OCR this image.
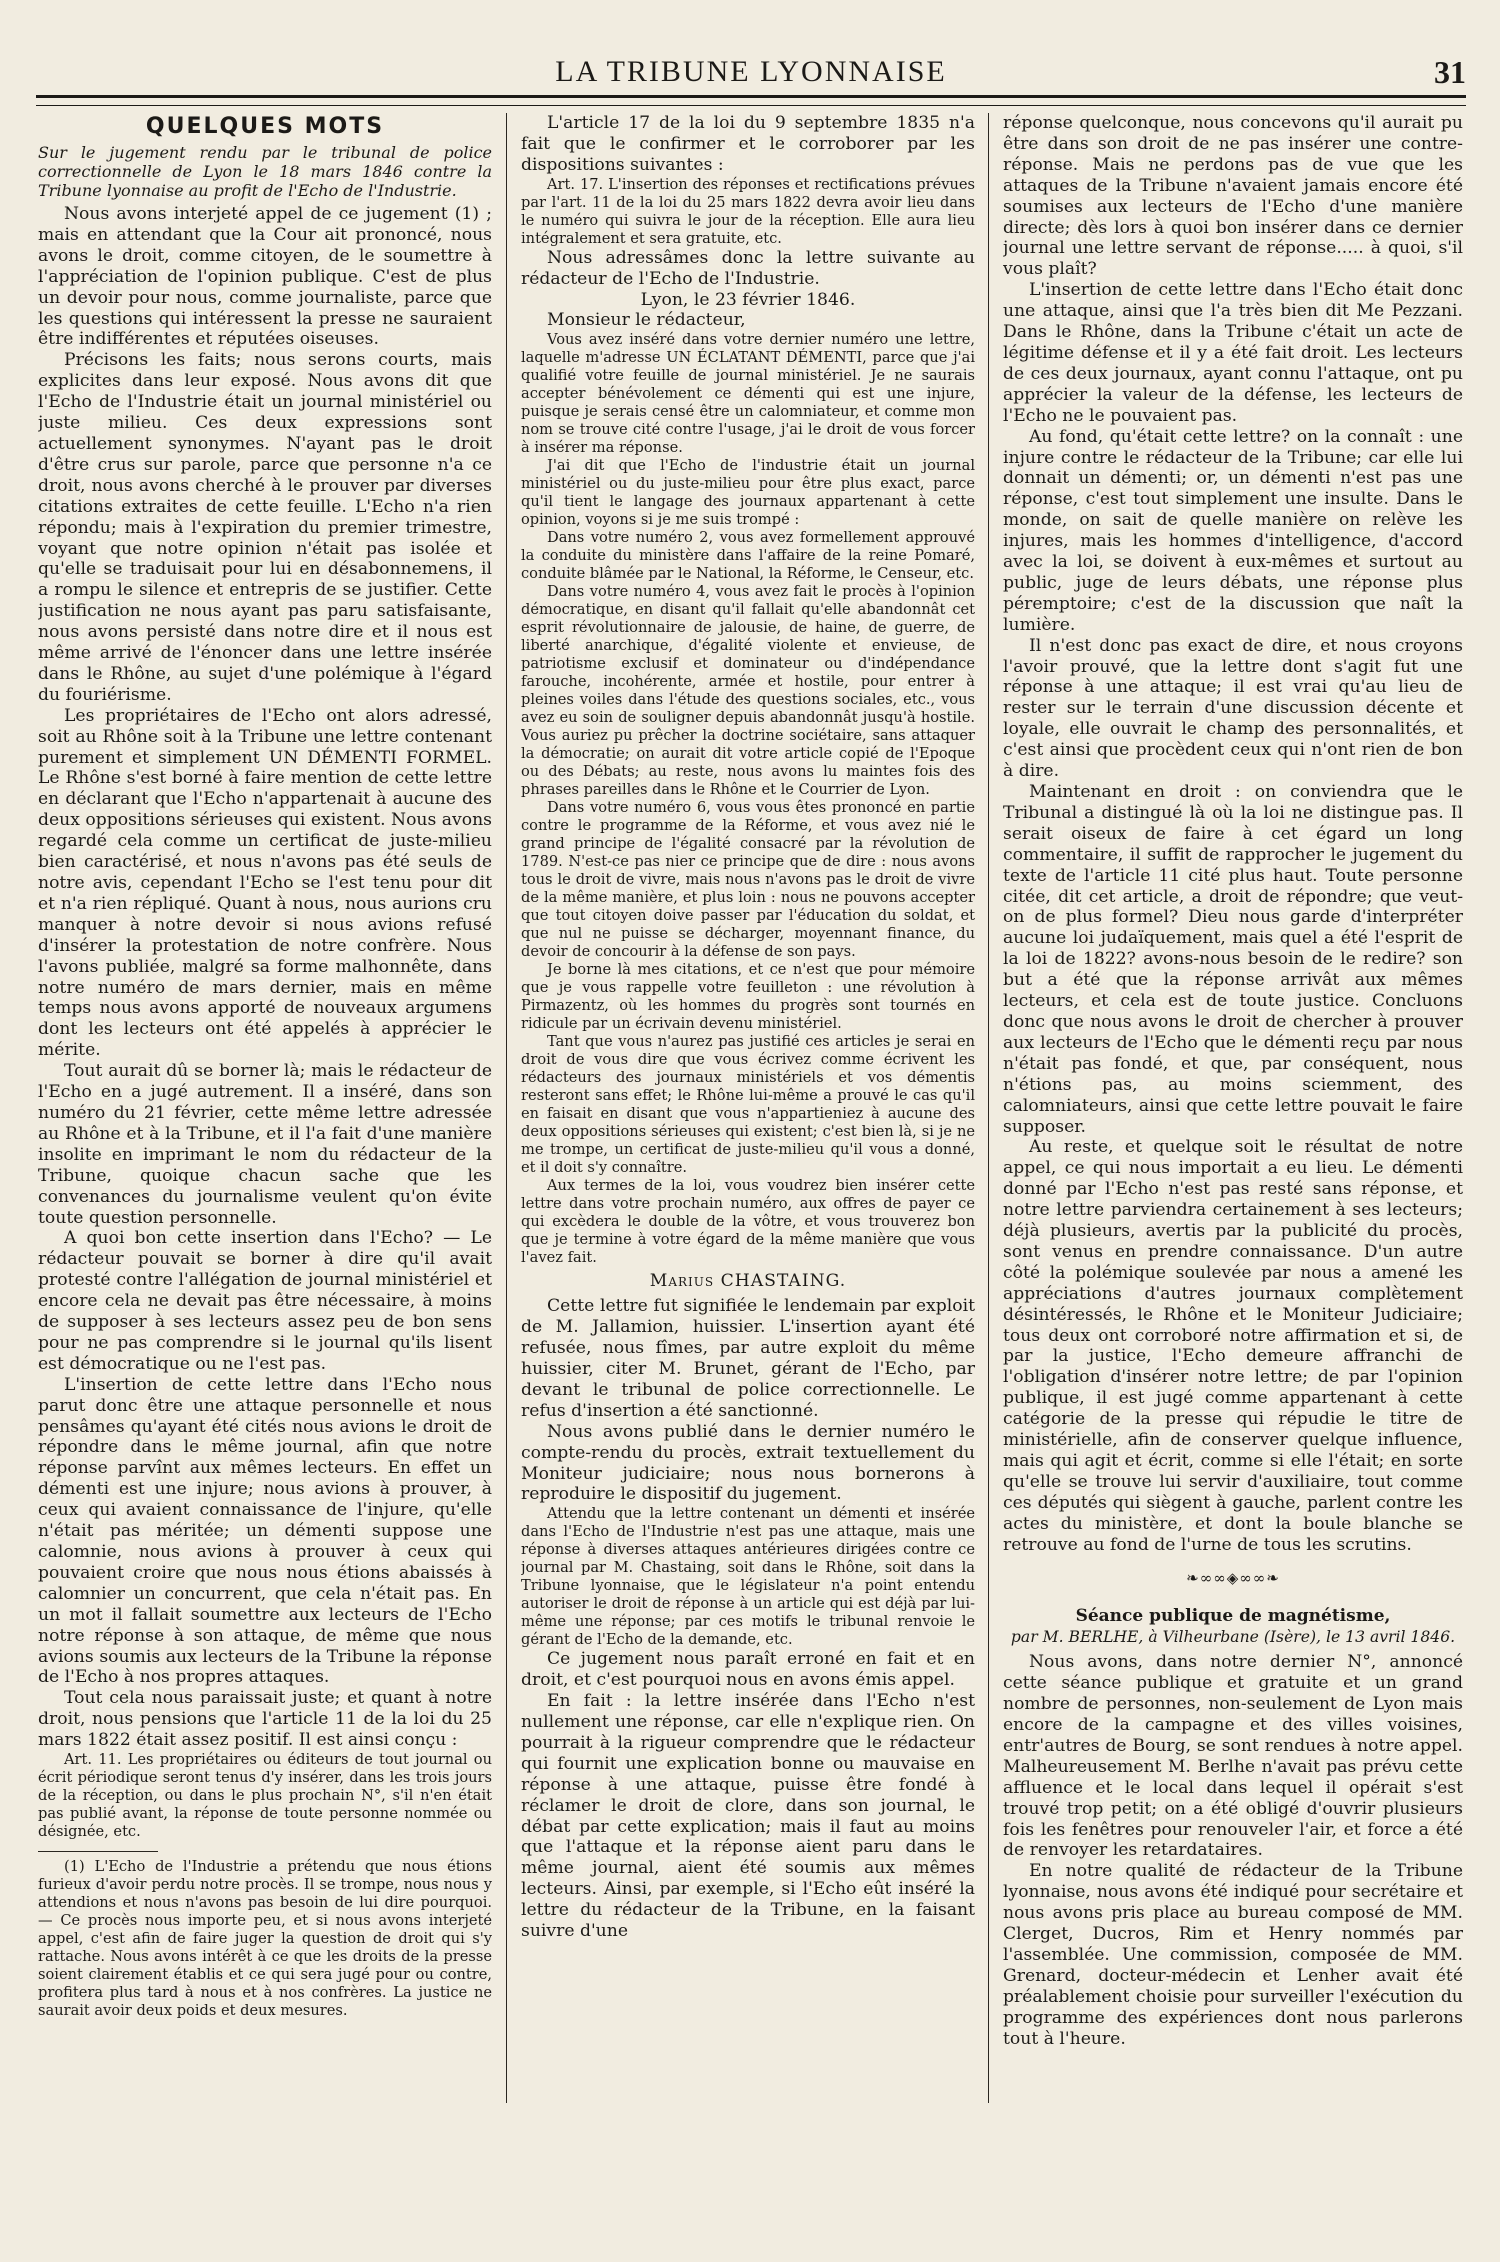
LA TRIBUNE LYONNAISE	31

QUELQUES MOTS

Sur le jugement rendu par le tribunal de police correctionnelle de Lyon le 18 mars 1846 contre la Tribune lyonnaise au profit de l'Echo de l'Industrie.

Nous avons interjeté appel de ce jugement (1) ; mais en attendant que la Cour ait prononcé, nous avons le droit, comme citoyen, de le soumettre à l'appréciation de l'opinion publique. C'est de plus un devoir pour nous, comme journaliste, parce que les questions qui intéressent la presse ne sauraient être indifférentes et réputées oiseuses.

Précisons les faits; nous serons courts, mais explicites dans leur exposé. Nous avons dit que l'Echo de l'Industrie était un journal ministériel ou juste milieu. Ces deux expressions sont actuellement synonymes. N'ayant pas le droit d'être crus sur parole, parce que personne n'a ce droit, nous avons cherché à le prouver par diverses citations extraites de cette feuille. L'Echo n'a rien répondu; mais à l'expiration du premier trimestre, voyant que notre opinion n'était pas isolée et qu'elle se traduisait pour lui en désabonnemens, il a rompu le silence et entrepris de se justifier. Cette justification ne nous ayant pas paru satisfaisante, nous avons persisté dans notre dire et il nous est même arrivé de l'énoncer dans une lettre insérée dans le Rhône, au sujet d'une polémique à l'égard du fouriérisme.

Les propriétaires de l'Echo ont alors adressé, soit au Rhône soit à la Tribune une lettre contenant purement et simplement UN DÉMENTI FORMEL. Le Rhône s'est borné à faire mention de cette lettre en déclarant que l'Echo n'appartenait à aucune des deux oppositions sérieuses qui existent. Nous avons regardé cela comme un certificat de juste-milieu bien caractérisé, et nous n'avons pas été seuls de notre avis, cependant l'Echo se l'est tenu pour dit et n'a rien répliqué. Quant à nous, nous aurions cru manquer à notre devoir si nous avions refusé d'insérer la protestation de notre confrère. Nous l'avons publiée, malgré sa forme malhonnête, dans notre numéro de mars dernier, mais en même temps nous avons apporté de nouveaux argumens dont les lecteurs ont été appelés à apprécier le mérite.

Tout aurait dû se borner là; mais le rédacteur de l'Echo en a jugé autrement. Il a inséré, dans son numéro du 21 février, cette même lettre adressée au Rhône et à la Tribune, et il l'a fait d'une manière insolite en imprimant le nom du rédacteur de la Tribune, quoique chacun sache que les convenances du journalisme veulent qu'on évite toute question personnelle.

A quoi bon cette insertion dans l'Echo? — Le rédacteur pouvait se borner à dire qu'il avait protesté contre l'allégation de journal ministériel et encore cela ne devait pas être nécessaire, à moins de supposer à ses lecteurs assez peu de bon sens pour ne pas comprendre si le journal qu'ils lisent est démocratique ou ne l'est pas.

L'insertion de cette lettre dans l'Echo nous parut donc être une attaque personnelle et nous pensâmes qu'ayant été cités nous avions le droit de répondre dans le même journal, afin que notre réponse parvînt aux mêmes lecteurs. En effet un démenti est une injure; nous avions à prouver, à ceux qui avaient connaissance de l'injure, qu'elle n'était pas méritée; un démenti suppose une calomnie, nous avions à prouver à ceux qui pouvaient croire que nous nous étions abaissés à calomnier un concurrent, que cela n'était pas. En un mot il fallait soumettre aux lecteurs de l'Echo notre réponse à son attaque, de même que nous avions soumis aux lecteurs de la Tribune la réponse de l'Echo à nos propres attaques.

Tout cela nous paraissait juste; et quant à notre droit, nous pensions que l'article 11 de la loi du 25 mars 1822 était assez positif. Il est ainsi conçu :

Art. 11. Les propriétaires ou éditeurs de tout journal ou écrit périodique seront tenus d'y insérer, dans les trois jours de la réception, ou dans le plus prochain N°, s'il n'en était pas publié avant, la réponse de toute personne nommée ou désignée, etc.

(1) L'Echo de l'Industrie a prétendu que nous étions furieux d'avoir perdu notre procès. Il se trompe, nous nous y attendions et nous n'avons pas besoin de lui dire pourquoi. — Ce procès nous importe peu, et si nous avons interjeté appel, c'est afin de faire juger la question de droit qui s'y rattache. Nous avons intérêt à ce que les droits de la presse soient clairement établis et ce qui sera jugé pour ou contre, profitera plus tard à nous et à nos confrères. La justice ne saurait avoir deux poids et deux mesures.

L'article 17 de la loi du 9 septembre 1835 n'a fait que le confirmer et le corroborer par les dispositions suivantes :

Art. 17. L'insertion des réponses et rectifications prévues par l'art. 11 de la loi du 25 mars 1822 devra avoir lieu dans le numéro qui suivra le jour de la réception. Elle aura lieu intégralement et sera gratuite, etc.

Nous adressâmes donc la lettre suivante au rédacteur de l'Echo de l'Industrie.

Lyon, le 23 février 1846.

Monsieur le rédacteur,

Vous avez inséré dans votre dernier numéro une lettre, laquelle m'adresse UN ÉCLATANT DÉMENTI, parce que j'ai qualifié votre feuille de journal ministériel. Je ne saurais accepter bénévolement ce démenti qui est une injure, puisque je serais censé être un calomniateur, et comme mon nom se trouve cité contre l'usage, j'ai le droit de vous forcer à insérer ma réponse.

J'ai dit que l'Echo de l'industrie était un journal ministériel ou du juste-milieu pour être plus exact, parce qu'il tient le langage des journaux appartenant à cette opinion, voyons si je me suis trompé :

Dans votre numéro 2, vous avez formellement approuvé la conduite du ministère dans l'affaire de la reine Pomaré, conduite blâmée par le National, la Réforme, le Censeur, etc.

Dans votre numéro 4, vous avez fait le procès à l'opinion démocratique, en disant qu'il fallait qu'elle abandonnât cet esprit révolutionnaire de jalousie, de haine, de guerre, de liberté anarchique, d'égalité violente et envieuse, de patriotisme exclusif et dominateur ou d'indépendance farouche, incohérente, armée et hostile, pour entrer à pleines voiles dans l'étude des questions sociales, etc., vous avez eu soin de souligner depuis abandonnât jusqu'à hostile. Vous auriez pu prêcher la doctrine sociétaire, sans attaquer la démocratie; on aurait dit votre article copié de l'Epoque ou des Débats; au reste, nous avons lu maintes fois des phrases pareilles dans le Rhône et le Courrier de Lyon.

Dans votre numéro 6, vous vous êtes prononcé en partie contre le programme de la Réforme, et vous avez nié le grand principe de l'égalité consacré par la révolution de 1789. N'est-ce pas nier ce principe que de dire : nous avons tous le droit de vivre, mais nous n'avons pas le droit de vivre de la même manière, et plus loin : nous ne pouvons accepter que tout citoyen doive passer par l'éducation du soldat, et que nul ne puisse se décharger, moyennant finance, du devoir de concourir à la défense de son pays.

Je borne là mes citations, et ce n'est que pour mémoire que je vous rappelle votre feuilleton : une révolution à Pirmazentz, où les hommes du progrès sont tournés en ridicule par un écrivain devenu ministériel.

Tant que vous n'aurez pas justifié ces articles je serai en droit de vous dire que vous écrivez comme écrivent les rédacteurs des journaux ministériels et vos démentis resteront sans effet; le Rhône lui-même a prouvé le cas qu'il en faisait en disant que vous n'appartieniez à aucune des deux oppositions sérieuses qui existent; c'est bien là, si je ne me trompe, un certificat de juste-milieu qu'il vous a donné, et il doit s'y connaître.

Aux termes de la loi, vous voudrez bien insérer cette lettre dans votre prochain numéro, aux offres de payer ce qui excèdera le double de la vôtre, et vous trouverez bon que je termine à votre égard de la même manière que vous l'avez fait.

Marius CHASTAING.

Cette lettre fut signifiée le lendemain par exploit de M. Jallamion, huissier. L'insertion ayant été refusée, nous fîmes, par autre exploit du même huissier, citer M. Brunet, gérant de l'Echo, par devant le tribunal de police correctionnelle. Le refus d'insertion a été sanctionné.

Nous avons publié dans le dernier numéro le compte-rendu du procès, extrait textuellement du Moniteur judiciaire; nous nous bornerons à reproduire le dispositif du jugement.

Attendu que la lettre contenant un démenti et insérée dans l'Echo de l'Industrie n'est pas une attaque, mais une réponse à diverses attaques antérieures dirigées contre ce journal par M. Chastaing, soit dans le Rhône, soit dans la Tribune lyonnaise, que le législateur n'a point entendu autoriser le droit de réponse à un article qui est déjà par lui-même une réponse; par ces motifs le tribunal renvoie le gérant de l'Echo de la demande, etc.

Ce jugement nous paraît erroné en fait et en droit, et c'est pourquoi nous en avons émis appel.

En fait : la lettre insérée dans l'Echo n'est nullement une réponse, car elle n'explique rien. On pourrait à la rigueur comprendre que le rédacteur qui fournit une explication bonne ou mauvaise en réponse à une attaque, puisse être fondé à réclamer le droit de clore, dans son journal, le débat par cette explication; mais il faut au moins que l'attaque et la réponse aient paru dans le même journal, aient été soumis aux mêmes lecteurs. Ainsi, par exemple, si l'Echo eût inséré la lettre du rédacteur de la Tribune, en la faisant suivre d'une

réponse quelconque, nous concevons qu'il aurait pu être dans son droit de ne pas insérer une contre-réponse. Mais ne perdons pas de vue que les attaques de la Tribune n'avaient jamais encore été soumises aux lecteurs de l'Echo d'une manière directe; dès lors à quoi bon insérer dans ce dernier journal une lettre servant de réponse..... à quoi, s'il vous plaît?

L'insertion de cette lettre dans l'Echo était donc une attaque, ainsi que l'a très bien dit Me Pezzani. Dans le Rhône, dans la Tribune c'était un acte de légitime défense et il y a été fait droit. Les lecteurs de ces deux journaux, ayant connu l'attaque, ont pu apprécier la valeur de la défense, les lecteurs de l'Echo ne le pouvaient pas.

Au fond, qu'était cette lettre? on la connaît : une injure contre le rédacteur de la Tribune; car elle lui donnait un démenti; or, un démenti n'est pas une réponse, c'est tout simplement une insulte. Dans le monde, on sait de quelle manière on relève les injures, mais les hommes d'intelligence, d'accord avec la loi, se doivent à eux-mêmes et surtout au public, juge de leurs débats, une réponse plus péremptoire; c'est de la discussion que naît la lumière.

Il n'est donc pas exact de dire, et nous croyons l'avoir prouvé, que la lettre dont s'agit fut une réponse à une attaque; il est vrai qu'au lieu de rester sur le terrain d'une discussion décente et loyale, elle ouvrait le champ des personnalités, et c'est ainsi que procèdent ceux qui n'ont rien de bon à dire.

Maintenant en droit : on conviendra que le Tribunal a distingué là où la loi ne distingue pas. Il serait oiseux de faire à cet égard un long commentaire, il suffit de rapprocher le jugement du texte de l'article 11 cité plus haut. Toute personne citée, dit cet article, a droit de répondre; que veut-on de plus formel? Dieu nous garde d'interpréter aucune loi judaïquement, mais quel a été l'esprit de la loi de 1822? avons-nous besoin de le redire? son but a été que la réponse arrivât aux mêmes lecteurs, et cela est de toute justice. Concluons donc que nous avons le droit de chercher à prouver aux lecteurs de l'Echo que le démenti reçu par nous n'était pas fondé, et que, par conséquent, nous n'étions pas, au moins sciemment, des calomniateurs, ainsi que cette lettre pouvait le faire supposer.

Au reste, et quelque soit le résultat de notre appel, ce qui nous importait a eu lieu. Le démenti donné par l'Echo n'est pas resté sans réponse, et notre lettre parviendra certainement à ses lecteurs; déjà plusieurs, avertis par la publicité du procès, sont venus en prendre connaissance. D'un autre côté la polémique soulevée par nous a amené les appréciations d'autres journaux complètement désintéressés, le Rhône et le Moniteur Judiciaire; tous deux ont corroboré notre affirmation et si, de par la justice, l'Echo demeure affranchi de l'obligation d'insérer notre lettre; de par l'opinion publique, il est jugé comme appartenant à cette catégorie de la presse qui répudie le titre de ministérielle, afin de conserver quelque influence, mais qui agit et écrit, comme si elle l'était; en sorte qu'elle se trouve lui servir d'auxiliaire, tout comme ces députés qui siègent à gauche, parlent contre les actes du ministère, et dont la boule blanche se retrouve au fond de l'urne de tous les scrutins.

❧∞∞◈∞∞❧

Séance publique de magnétisme,

par M. BERLHE, à Vilheurbane (Isère), le 13 avril 1846.

Nous avons, dans notre dernier N°, annoncé cette séance publique et gratuite et un grand nombre de personnes, non-seulement de Lyon mais encore de la campagne et des villes voisines, entr'autres de Bourg, se sont rendues à notre appel. Malheureusement M. Berlhe n'avait pas prévu cette affluence et le local dans lequel il opérait s'est trouvé trop petit; on a été obligé d'ouvrir plusieurs fois les fenêtres pour renouveler l'air, et force a été de renvoyer les retardataires.

En notre qualité de rédacteur de la Tribune lyonnaise, nous avons été indiqué pour secrétaire et nous avons pris place au bureau composé de MM. Clerget, Ducros, Rim et Henry nommés par l'assemblée. Une commission, composée de MM. Grenard, docteur-médecin et Lenher avait été préalablement choisie pour surveiller l'exécution du programme des expériences dont nous parlerons tout à l'heure.
